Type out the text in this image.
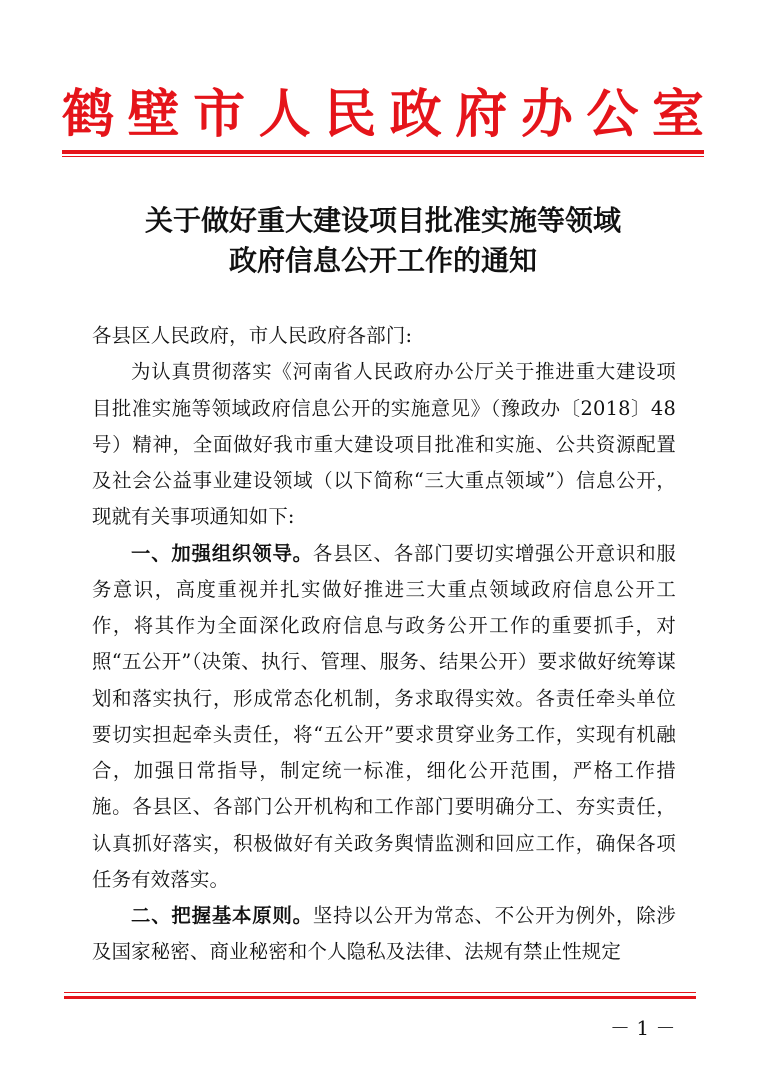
鹤 壁 市 人 民 政 府 办 公 室
关于做好重大建设项目批准实施等领域
政府信息公开工作的通知

各县区人民政府，市人民政府各部门:

为认真贯彻落实《河南省人民政府办公厅关于推进重大建设项目批准实施等领域政府信息公开的实施意见》（豫政办〔2018〕48号）精神，全面做好我市重大建设项目批准和实施、公共资源配置及社会公益事业建设领域（以下简称“三大重点领域”）信息公开，现就有关事项通知如下:

一、加强组织领导。各县区、各部门要切实增强公开意识和服务意识，高度重视并扎实做好推进三大重点领域政府信息公开工作，将其作为全面深化政府信息与政务公开工作的重要抓手，对照“五公开”（决策、执行、管理、服务、结果公开）要求做好统筹谋划和落实执行，形成常态化机制，务求取得实效。各责任牵头单位要切实担起牵头责任，将“五公开”要求贯穿业务工作，实现有机融合，加强日常指导，制定统一标准，细化公开范围，严格工作措施。各县区、各部门公开机构和工作部门要明确分工、夯实责任，认真抓好落实，积极做好有关政务舆情监测和回应工作，确保各项任务有效落实。

二、把握基本原则。坚持以公开为常态、不公开为例外，除涉及国家秘密、商业秘密和个人隐私及法律、法规有禁止性规定

－ 1 －
